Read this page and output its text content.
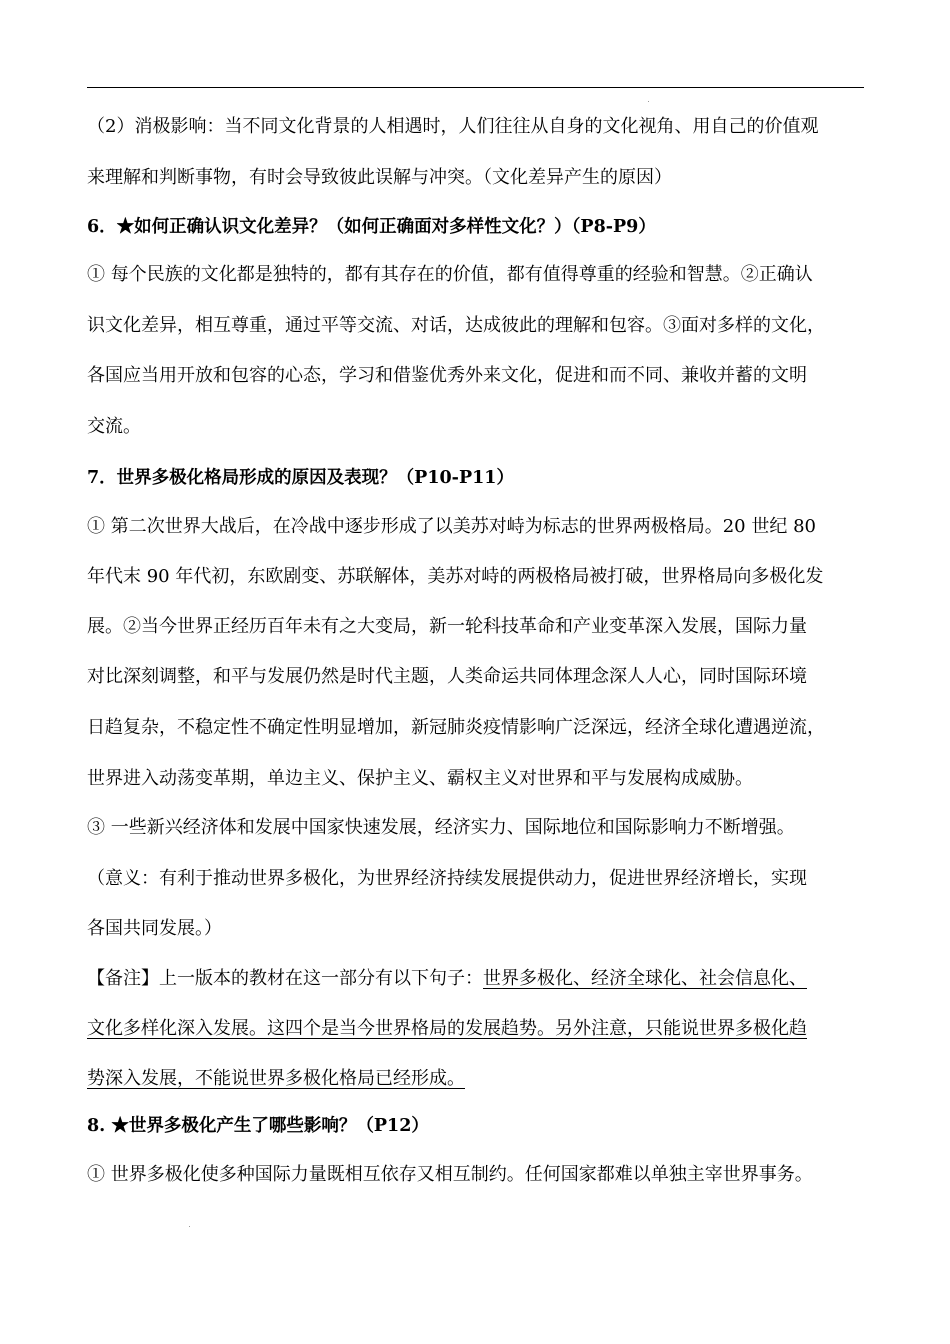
（2）消极影响：当不同文化背景的人相遇时，人们往往从自身的文化视角、用自己的价值观

来理解和判断事物，有时会导致彼此误解与冲突。（文化差异产生的原因）

6．★如何正确认识文化差异？（如何正确面对多样性文化？）（P8-P9）

① 每个民族的文化都是独特的，都有其存在的价值，都有值得尊重的经验和智慧。②正确认

识文化差异，相互尊重，通过平等交流、对话，达成彼此的理解和包容。③面对多样的文化，

各国应当用开放和包容的心态，学习和借鉴优秀外来文化，促进和而不同、兼收并蓄的文明

交流。

7．世界多极化格局形成的原因及表现？（P10-P11）

① 第二次世界大战后，在冷战中逐步形成了以美苏对峙为标志的世界两极格局。20 世纪 80

年代末 90 年代初，东欧剧变、苏联解体，美苏对峙的两极格局被打破，世界格局向多极化发

展。②当今世界正经历百年未有之大变局，新一轮科技革命和产业变革深入发展，国际力量

对比深刻调整，和平与发展仍然是时代主题，人类命运共同体理念深人人心，同时国际环境

日趋复杂，不稳定性不确定性明显增加，新冠肺炎疫情影响广泛深远，经济全球化遭遇逆流，

世界进入动荡变革期，单边主义、保护主义、霸权主义对世界和平与发展构成威胁。

③ 一些新兴经济体和发展中国家快速发展，经济实力、国际地位和国际影响力不断增强。

（意义：有利于推动世界多极化，为世界经济持续发展提供动力，促进世界经济增长，实现

各国共同发展。）

【备注】上一版本的教材在这一部分有以下句子：世界多极化、经济全球化、社会信息化、

文化多样化深入发展。这四个是当今世界格局的发展趋势。另外注意，只能说世界多极化趋

势深入发展，不能说世界多极化格局已经形成。

8. ★世界多极化产生了哪些影响？（P12）

① 世界多极化使多种国际力量既相互依存又相互制约。任何国家都难以单独主宰世界事务。
